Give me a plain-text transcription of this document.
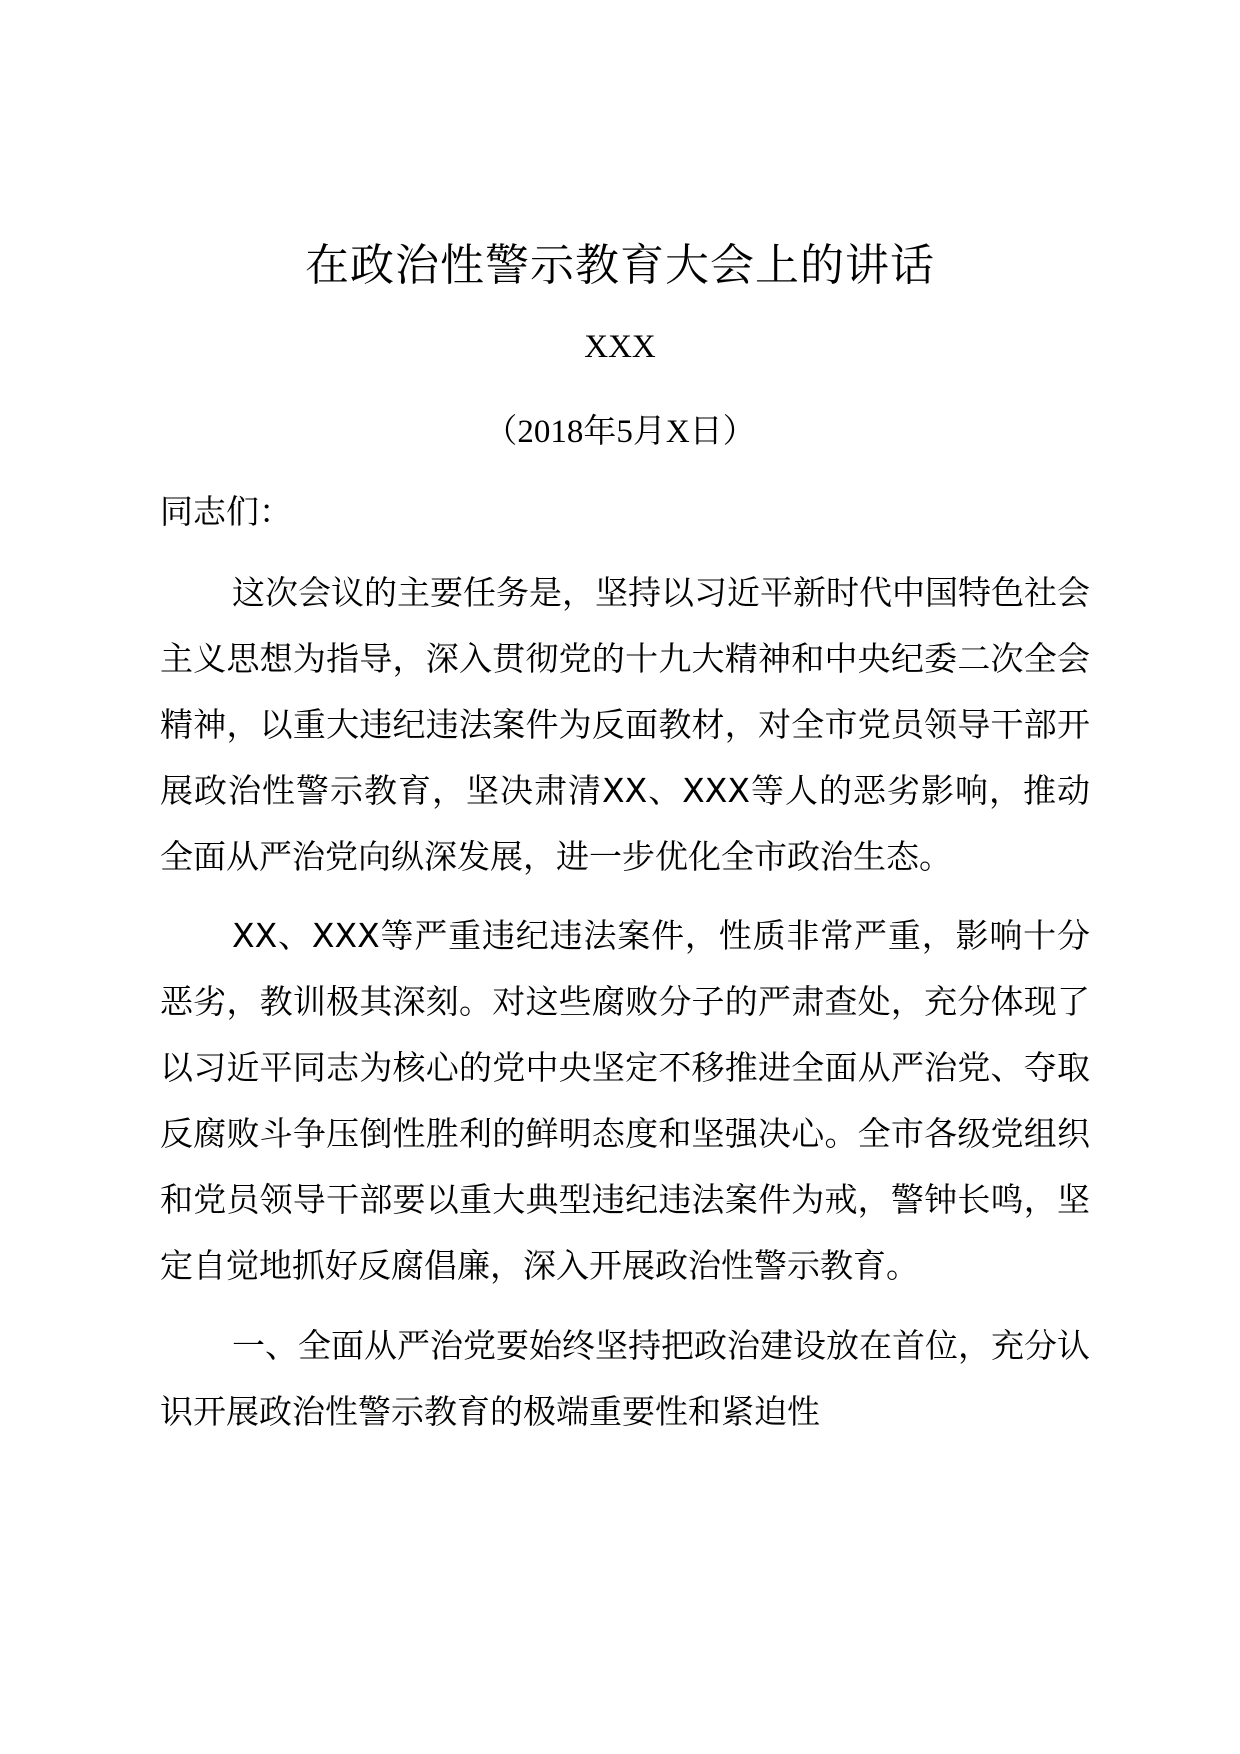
在政治性警示教育大会上的讲话
XXX
（2018年5月X日）
同志们：

这次会议的主要任务是，坚持以习近平新时代中国特色社会主义思想为指导，深入贯彻党的十九大精神和中央纪委二次全会精神，以重大违纪违法案件为反面教材，对全市党员领导干部开展政治性警示教育，坚决肃清XX、XXX等人的恶劣影响，推动全面从严治党向纵深发展，进一步优化全市政治生态。

XX、XXX等严重违纪违法案件，性质非常严重，影响十分恶劣，教训极其深刻。对这些腐败分子的严肃查处，充分体现了以习近平同志为核心的党中央坚定不移推进全面从严治党、夺取反腐败斗争压倒性胜利的鲜明态度和坚强决心。全市各级党组织和党员领导干部要以重大典型违纪违法案件为戒，警钟长鸣，坚定自觉地抓好反腐倡廉，深入开展政治性警示教育。

一、全面从严治党要始终坚持把政治建设放在首位，充分认识开展政治性警示教育的极端重要性和紧迫性
